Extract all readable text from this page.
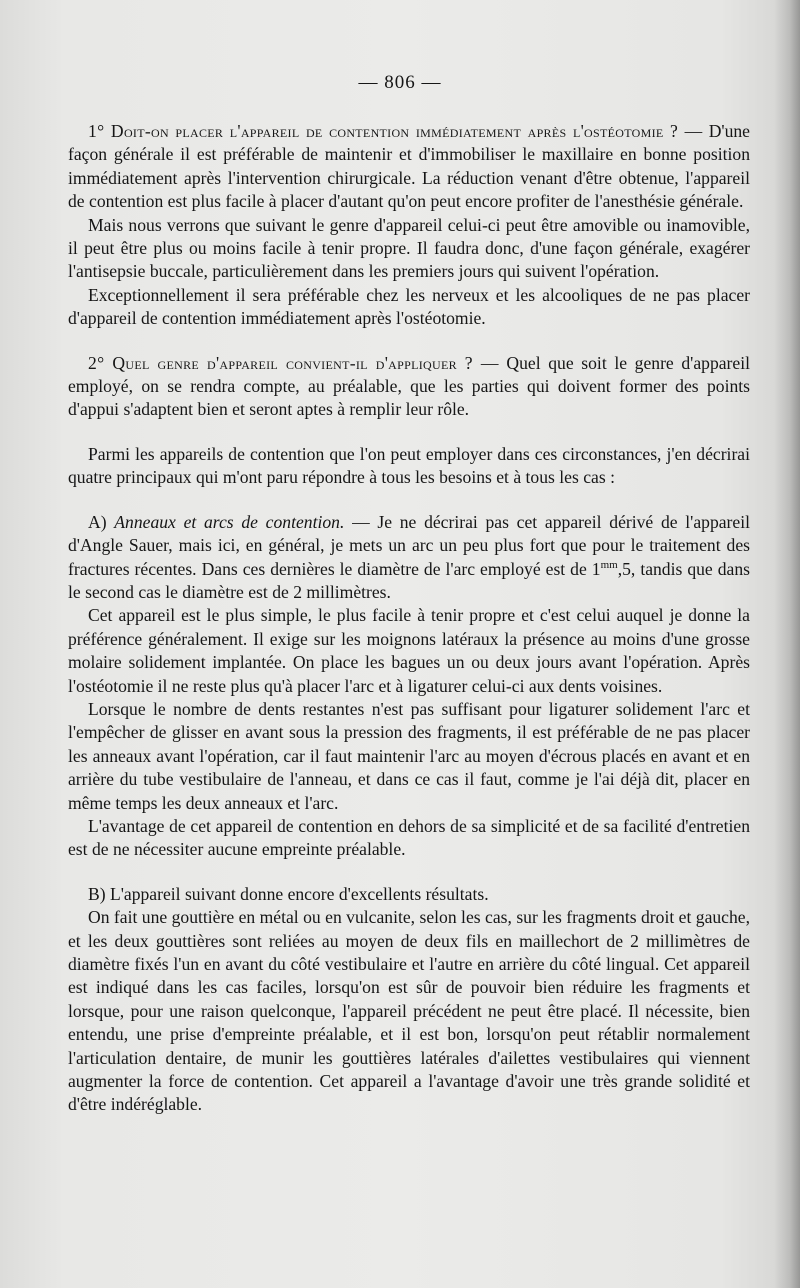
— 806 —

1° Doit-on placer l'appareil de contention immédiatement après l'ostéotomie ? — D'une façon générale il est préférable de maintenir et d'immobiliser le maxillaire en bonne position immédiatement après l'intervention chirurgicale. La réduction venant d'être obtenue, l'appareil de contention est plus facile à placer d'autant qu'on peut encore profiter de l'anesthésie générale.

Mais nous verrons que suivant le genre d'appareil celui-ci peut être amovible ou inamovible, il peut être plus ou moins facile à tenir propre. Il faudra donc, d'une façon générale, exagérer l'antisepsie buccale, particulièrement dans les premiers jours qui suivent l'opération.

Exceptionnellement il sera préférable chez les nerveux et les alcooliques de ne pas placer d'appareil de contention immédiatement après l'ostéotomie.

2° Quel genre d'appareil convient-il d'appliquer ? — Quel que soit le genre d'appareil employé, on se rendra compte, au préalable, que les parties qui doivent former des points d'appui s'adaptent bien et seront aptes à remplir leur rôle.

Parmi les appareils de contention que l'on peut employer dans ces circonstances, j'en décrirai quatre principaux qui m'ont paru répondre à tous les besoins et à tous les cas :

A) Anneaux et arcs de contention. — Je ne décrirai pas cet appareil dérivé de l'appareil d'Angle Sauer, mais ici, en général, je mets un arc un peu plus fort que pour le traitement des fractures récentes. Dans ces dernières le diamètre de l'arc employé est de $1^{mm},5$, tandis que dans le second cas le diamètre est de 2 millimètres.

Cet appareil est le plus simple, le plus facile à tenir propre et c'est celui auquel je donne la préférence généralement. Il exige sur les moignons latéraux la présence au moins d'une grosse molaire solidement implantée. On place les bagues un ou deux jours avant l'opération. Après l'ostéotomie il ne reste plus qu'à placer l'arc et à ligaturer celui-ci aux dents voisines.

Lorsque le nombre de dents restantes n'est pas suffisant pour ligaturer solidement l'arc et l'empêcher de glisser en avant sous la pression des fragments, il est préférable de ne pas placer les anneaux avant l'opération, car il faut maintenir l'arc au moyen d'écrous placés en avant et en arrière du tube vestibulaire de l'anneau, et dans ce cas il faut, comme je l'ai déjà dit, placer en même temps les deux anneaux et l'arc.

L'avantage de cet appareil de contention en dehors de sa simplicité et de sa facilité d'entretien est de ne nécessiter aucune empreinte préalable.

B) L'appareil suivant donne encore d'excellents résultats.

On fait une gouttière en métal ou en vulcanite, selon les cas, sur les fragments droit et gauche, et les deux gouttières sont reliées au moyen de deux fils en maillechort de 2 millimètres de diamètre fixés l'un en avant du côté vestibulaire et l'autre en arrière du côté lingual. Cet appareil est indiqué dans les cas faciles, lorsqu'on est sûr de pouvoir bien réduire les fragments et lorsque, pour une raison quelconque, l'appareil précédent ne peut être placé. Il nécessite, bien entendu, une prise d'empreinte préalable, et il est bon, lorsqu'on peut rétablir normalement l'articulation dentaire, de munir les gouttières latérales d'ailettes vestibulaires qui viennent augmenter la force de contention. Cet appareil a l'avantage d'avoir une très grande solidité et d'être indéréglable.
